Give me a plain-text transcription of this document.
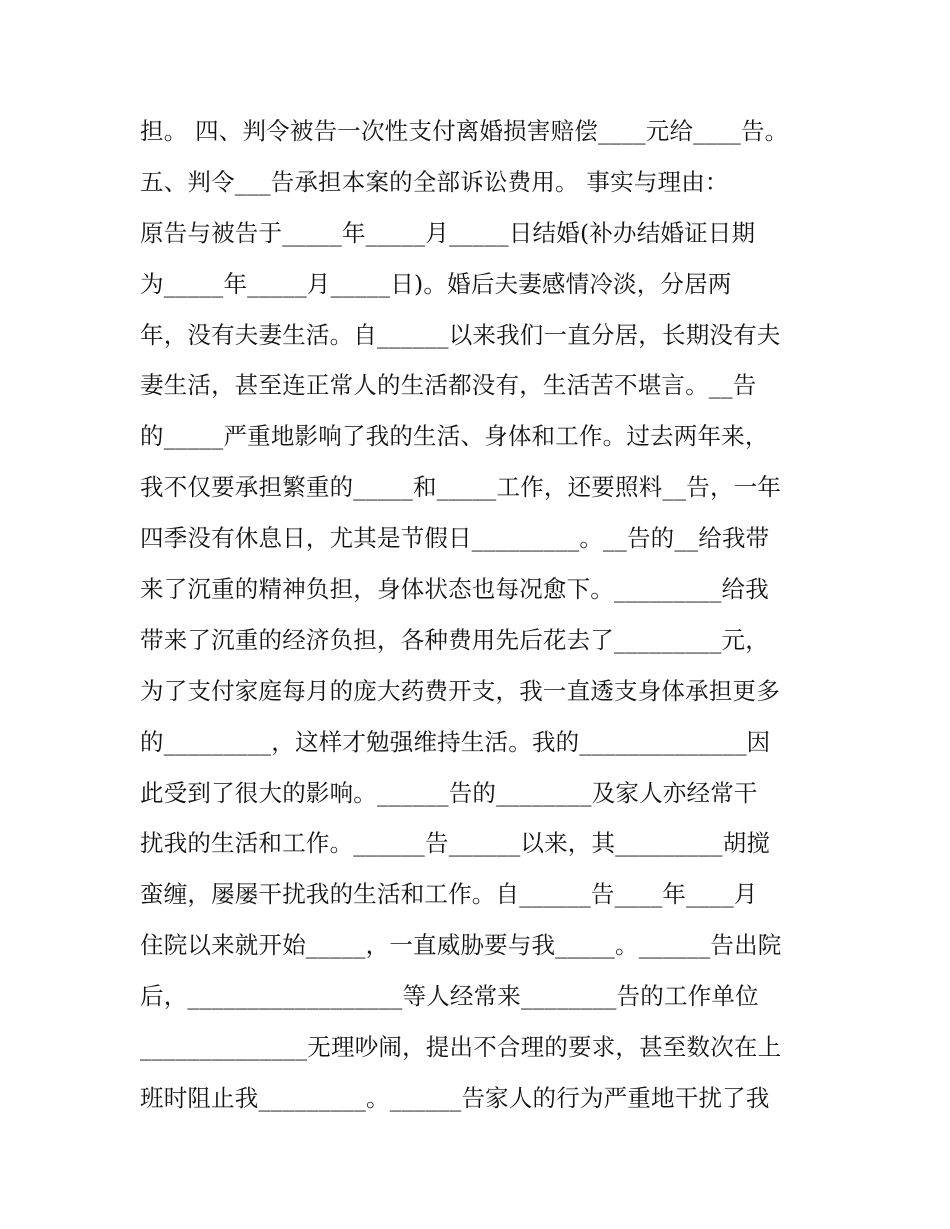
担。 四、判令被告一次性支付离婚损害赔偿____元给____告。
五、判令___告承担本案的全部诉讼费用。 事实与理由：
原告与被告于_____年_____月_____日结婚(补办结婚证日期
为_____年_____月_____日)。婚后夫妻感情冷淡，分居两
年，没有夫妻生活。自______以来我们一直分居，长期没有夫
妻生活，甚至连正常人的生活都没有，生活苦不堪言。__告
的_____严重地影响了我的生活、身体和工作。过去两年来，
我不仅要承担繁重的_____和_____工作，还要照料__告，一年
四季没有休息日，尤其是节假日_________。__告的__给我带
来了沉重的精神负担，身体状态也每况愈下。_________给我
带来了沉重的经济负担，各种费用先后花去了_________元，
为了支付家庭每月的庞大药费开支，我一直透支身体承担更多
的_________，这样才勉强维持生活。我的______________因
此受到了很大的影响。______告的________及家人亦经常干
扰我的生活和工作。______告______以来，其_________胡搅
蛮缠，屡屡干扰我的生活和工作。自______告____年____月
住院以来就开始_____，一直威胁要与我_____。______告出院
后，__________________等人经常来________告的工作单位
______________无理吵闹，提出不合理的要求，甚至数次在上
班时阻止我_________。______告家人的行为严重地干扰了我
